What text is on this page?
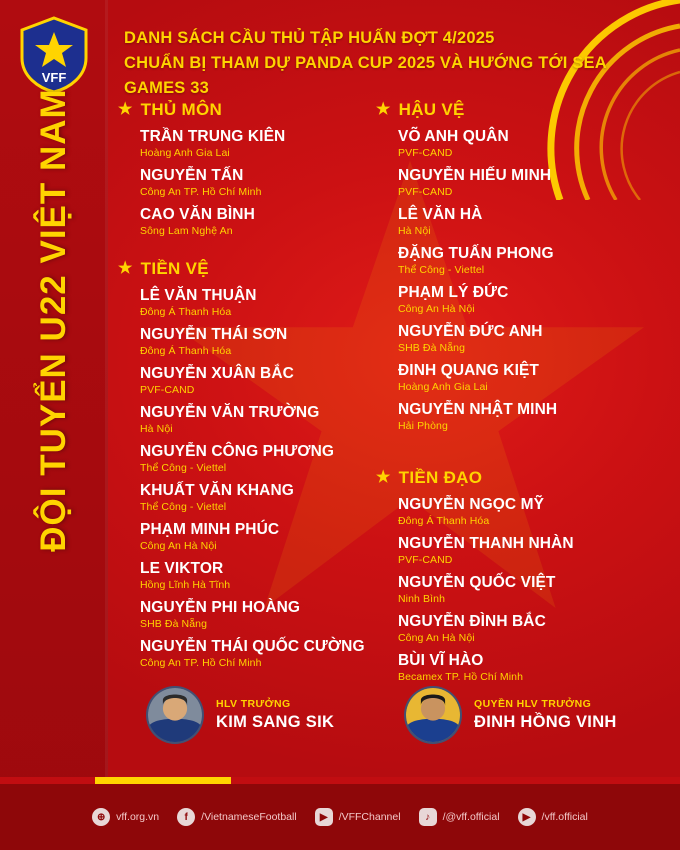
VFF
ĐỘI TUYỂN U22 VIỆT NAM
DANH SÁCH CẦU THỦ TẬP HUẤN ĐỢT 4/2025
CHUẨN BỊ THAM DỰ PANDA CUP 2025 VÀ HƯỚNG TỚI SEA GAMES 33
★ THỦ MÔN
TRẦN TRUNG KIÊN
Hoàng Anh Gia Lai
NGUYỄN TẤN
Công An TP. Hồ Chí Minh
CAO VĂN BÌNH
Sông Lam Nghệ An
★ TIỀN VỆ
LÊ VĂN THUẬN
Đông Á Thanh Hóa
NGUYỄN THÁI SƠN
Đông Á Thanh Hóa
NGUYỄN XUÂN BẮC
PVF-CAND
NGUYỄN VĂN TRƯỜNG
Hà Nội
NGUYỄN CÔNG PHƯƠNG
Thể Công - Viettel
KHUẤT VĂN KHANG
Thể Công - Viettel
PHẠM MINH PHÚC
Công An Hà Nội
LE VIKTOR
Hồng Lĩnh Hà Tĩnh
NGUYỄN PHI HOÀNG
SHB Đà Nẵng
NGUYỄN THÁI QUỐC CƯỜNG
Công An TP. Hồ Chí Minh
★ HẬU VỆ
VÕ ANH QUÂN
PVF-CAND
NGUYỄN HIẾU MINH
PVF-CAND
LÊ VĂN HÀ
Hà Nội
ĐẶNG TUẤN PHONG
Thể Công - Viettel
PHẠM LÝ ĐỨC
Công An Hà Nội
NGUYỄN ĐỨC ANH
SHB Đà Nẵng
ĐINH QUANG KIỆT
Hoàng Anh Gia Lai
NGUYỄN NHẬT MINH
Hải Phòng
★ TIỀN ĐẠO
NGUYỄN NGỌC MỸ
Đông Á Thanh Hóa
NGUYỄN THANH NHÀN
PVF-CAND
NGUYỄN QUỐC VIỆT
Ninh Bình
NGUYỄN ĐÌNH BẮC
Công An Hà Nội
BÙI VĨ HÀO
Becamex TP. Hồ Chí Minh
HLV TRƯỞNG
KIM SANG SIK
QUYỀN HLV TRƯỞNG
ĐINH HỒNG VINH
⊕	vff.org.vn	f	/VietnameseFootball	▶	/VFFChannel	♪	/@vff.official	▶	/vff.official
